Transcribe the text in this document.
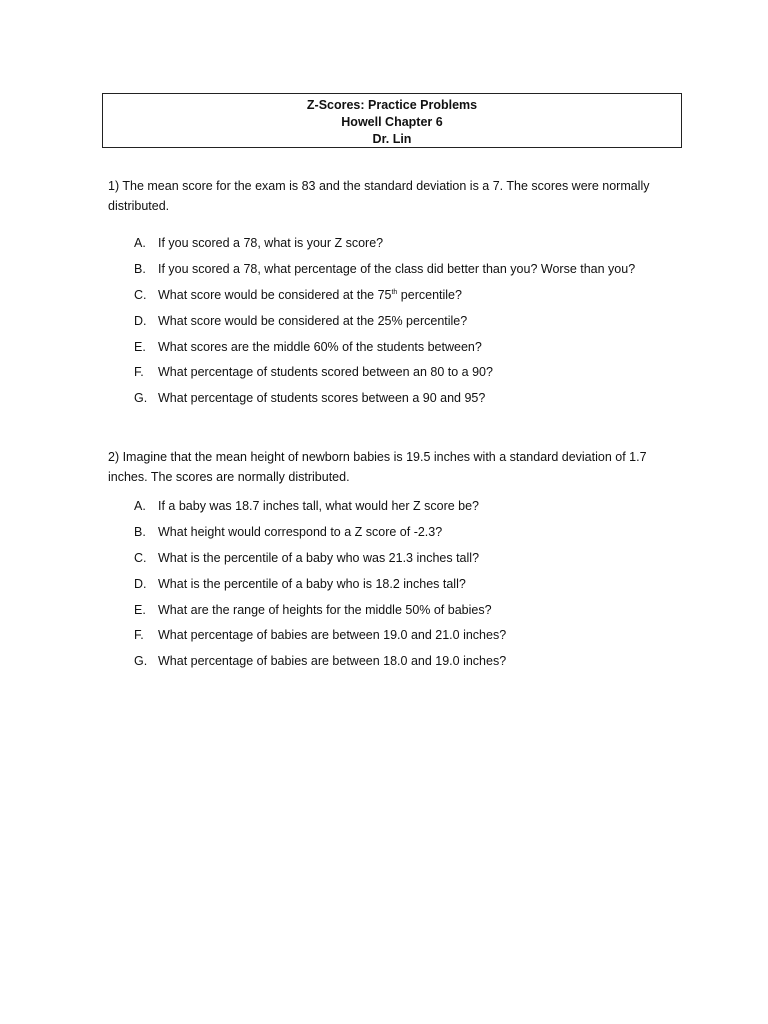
Z-Scores: Practice Problems
Howell Chapter 6
Dr. Lin
1) The mean score for the exam is 83 and the standard deviation is a 7. The scores were normally distributed.
A. If you scored a 78, what is your Z score?
B. If you scored a 78, what percentage of the class did better than you? Worse than you?
C. What score would be considered at the 75th percentile?
D. What score would be considered at the 25% percentile?
E. What scores are the middle 60% of the students between?
F.	What percentage of students scored between an 80 to a 90?
G. What percentage of students scores between a 90 and 95?
2) Imagine that the mean height of newborn babies is 19.5 inches with a standard deviation of 1.7 inches. The scores are normally distributed.
A. If a baby was 18.7 inches tall, what would her Z score be?
B. What height would correspond to a Z score of -2.3?
C. What is the percentile of a baby who was 21.3 inches tall?
D. What is the percentile of a baby who is 18.2 inches tall?
E. What are the range of heights for the middle 50% of babies?
F.	What percentage of babies are between 19.0 and 21.0 inches?
G. What percentage of babies are between 18.0 and 19.0 inches?
